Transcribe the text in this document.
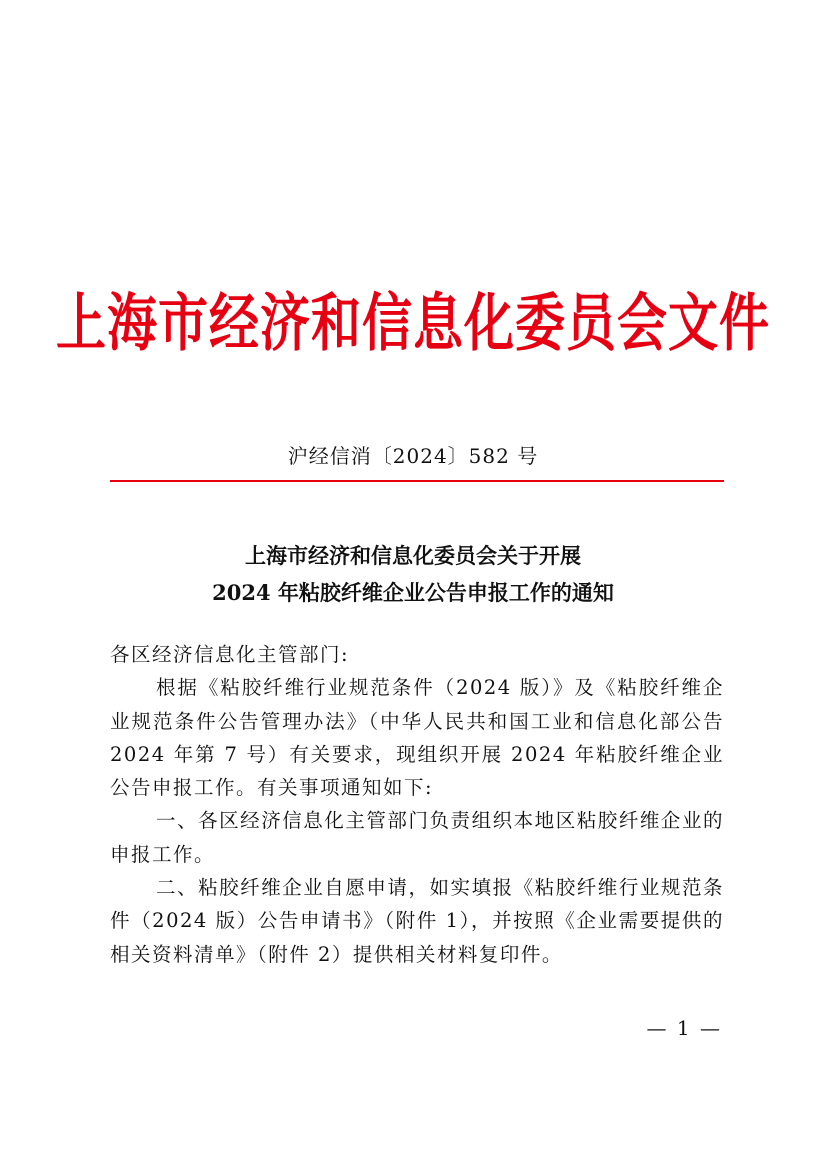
上海市经济和信息化委员会文件
沪经信消〔2024〕582 号
上海市经济和信息化委员会关于开展
2024 年粘胶纤维企业公告申报工作的通知

各区经济信息化主管部门:

根据《粘胶纤维行业规范条件（2024 版）》及《粘胶纤维企业规范条件公告管理办法》（中华人民共和国工业和信息化部公告 2024 年第 7 号）有关要求，现组织开展 2024 年粘胶纤维企业公告申报工作。有关事项通知如下:

一、各区经济信息化主管部门负责组织本地区粘胶纤维企业的申报工作。

二、粘胶纤维企业自愿申请，如实填报《粘胶纤维行业规范条件（2024 版）公告申请书》（附件 1），并按照《企业需要提供的相关资料清单》（附件 2）提供相关材料复印件。

— 1 —
